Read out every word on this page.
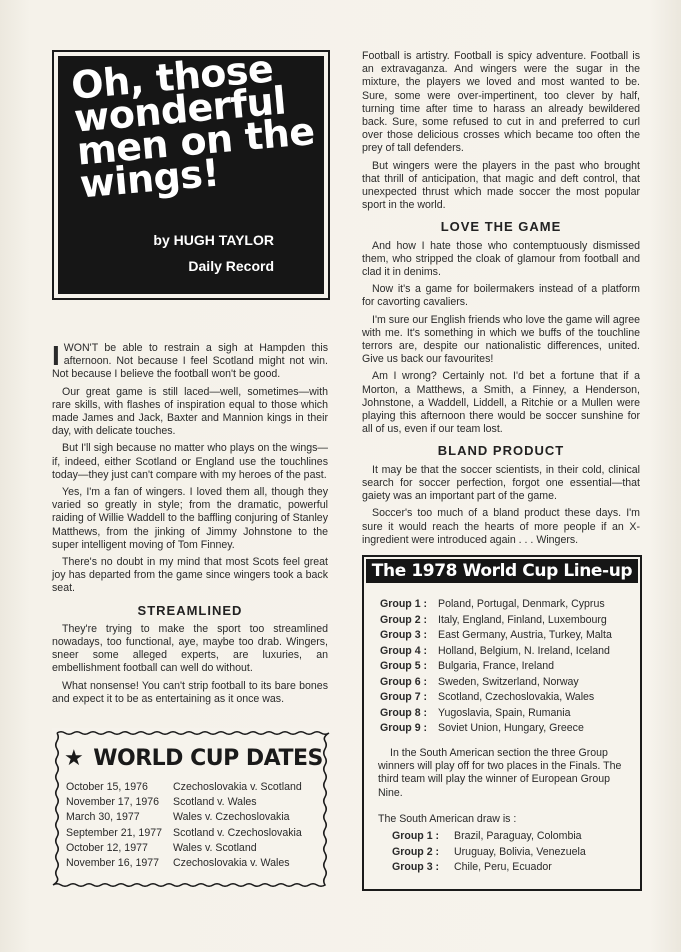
Oh, those
wonderful
men on the
wings!
by HUGH TAYLOR
Daily Record

IWON'T be able to restrain a sigh at Hampden this afternoon. Not because I feel Scotland might not win. Not because I believe the football won't be good.

Our great game is still laced—well, sometimes—with rare skills, with flashes of inspiration equal to those which made James and Jack, Baxter and Mannion kings in their day, with delicate touches.

But I'll sigh because no matter who plays on the wings—if, indeed, either Scotland or England use the touchlines today—they just can't compare with my heroes of the past.

Yes, I'm a fan of wingers. I loved them all, though they varied so greatly in style; from the dramatic, powerful raiding of Willie Waddell to the baffling conjuring of Stanley Matthews, from the jinking of Jimmy Johnstone to the super intelligent moving of Tom Finney.

There's no doubt in my mind that most Scots feel great joy has departed from the game since wingers took a back seat.

STREAMLINED

They're trying to make the sport too streamlined nowadays, too functional, aye, maybe too drab. Wingers, sneer some alleged experts, are luxuries, an embellishment football can well do without.

What nonsense! You can't strip football to its bare bones and expect it to be as entertaining as it once was.

★ WORLD CUP DATES
October 15, 1976	Czechoslovakia v. Scotland
November 17, 1976	Scotland v. Wales
March 30, 1977	Wales v. Czechoslovakia
September 21, 1977	Scotland v. Czechoslovakia
October 12, 1977	Wales v. Scotland
November 16, 1977	Czechoslovakia v. Wales

Football is artistry. Football is spicy adventure. Football is an extravaganza. And wingers were the sugar in the mixture, the players we loved and most wanted to be. Sure, some were over-impertinent, too clever by half, turning time after time to harass an already bewildered back. Sure, some refused to cut in and preferred to curl over those delicious crosses which became too often the prey of tall defenders.

But wingers were the players in the past who brought that thrill of anticipation, that magic and deft control, that unexpected thrust which made soccer the most popular sport in the world.

LOVE THE GAME

And how I hate those who contemptuously dismissed them, who stripped the cloak of glamour from football and clad it in denims.

Now it's a game for boilermakers instead of a platform for cavorting cavaliers.

I'm sure our English friends who love the game will agree with me. It's something in which we buffs of the touchline terrors are, despite our nationalistic differences, united. Give us back our favourites!

Am I wrong? Certainly not. I'd bet a fortune that if a Morton, a Matthews, a Smith, a Finney, a Henderson, Johnstone, a Waddell, Liddell, a Ritchie or a Mullen were playing this afternoon there would be soccer sunshine for all of us, even if our team lost.

BLAND PRODUCT

It may be that the soccer scientists, in their cold, clinical search for soccer perfection, forgot one essential—that gaiety was an important part of the game.

Soccer's too much of a bland product these days. I'm sure it would reach the hearts of more people if an X-ingredient were introduced again . . . Wingers.

The 1978 World Cup Line-up
Group 1 :	Poland, Portugal, Denmark, Cyprus
Group 2 :	Italy, England, Finland, Luxembourg
Group 3 :	East Germany, Austria, Turkey, Malta
Group 4 :	Holland, Belgium, N. Ireland, Iceland
Group 5 :	Bulgaria, France, Ireland
Group 6 :	Sweden, Switzerland, Norway
Group 7 :	Scotland, Czechoslovakia, Wales
Group 8 :	Yugoslavia, Spain, Rumania
Group 9 :	Soviet Union, Hungary, Greece

In the South American section the three Group winners will play off for two places in the Finals. The third team will play the winner of European Group Nine.

The South American draw is :
Group 1 :	Brazil, Paraguay, Colombia
Group 2 :	Uruguay, Bolivia, Venezuela
Group 3 :	Chile, Peru, Ecuador
